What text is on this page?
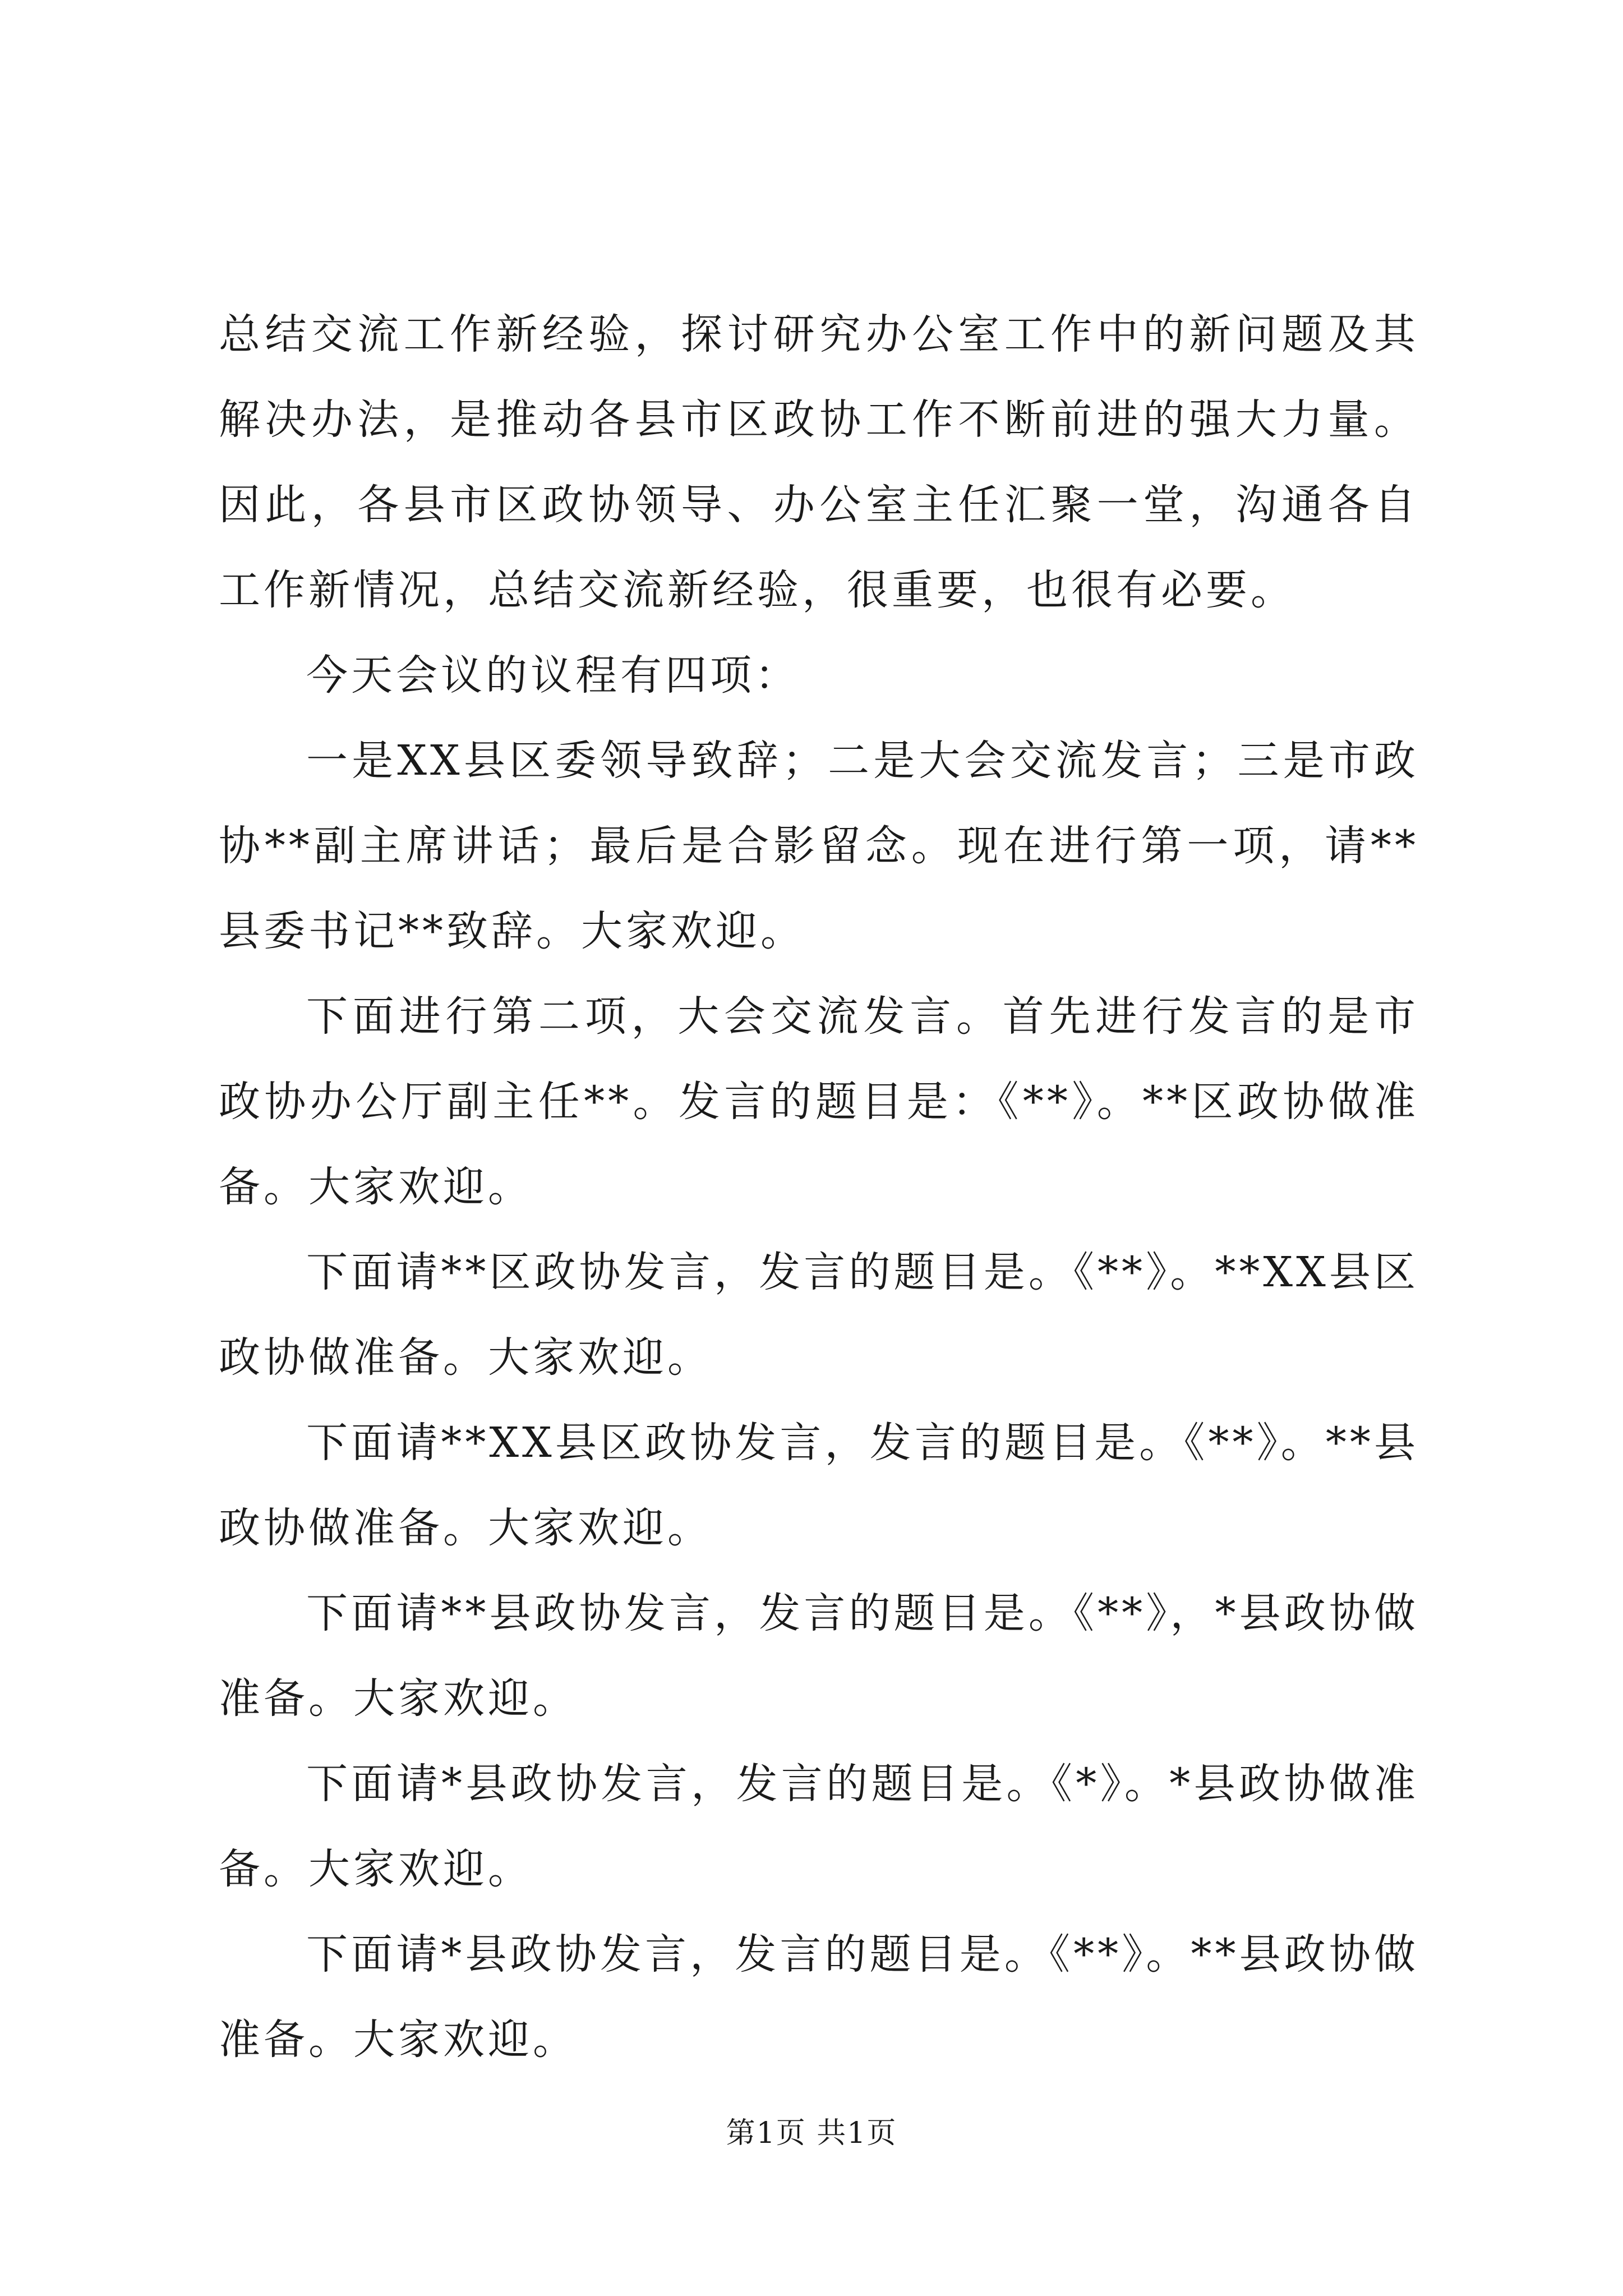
总结交流工作新经验，探讨研究办公室工作中的新问题及其解决办法，是推动各县市区政协工作不断前进的强大力量。因此，各县市区政协领导、办公室主任汇聚一堂，沟通各自工作新情况，总结交流新经验，很重要，也很有必要。

今天会议的议程有四项：

一是XX县区委领导致辞；二是大会交流发言；三是市政协**副主席讲话；最后是合影留念。现在进行第一项，请**县委书记**致辞。大家欢迎。

下面进行第二项，大会交流发言。首先进行发言的是市政协办公厅副主任**。发言的题目是：《**》。**区政协做准备。大家欢迎。

下面请**区政协发言，发言的题目是。《**》。**XX县区政协做准备。大家欢迎。

下面请**XX县区政协发言，发言的题目是。《**》。**县政协做准备。大家欢迎。

下面请**县政协发言，发言的题目是。《**》，*县政协做准备。大家欢迎。

下面请*县政协发言，发言的题目是。《*》。*县政协做准备。大家欢迎。

下面请*县政协发言，发言的题目是。《**》。**县政协做准备。大家欢迎。

第1页 共1页
